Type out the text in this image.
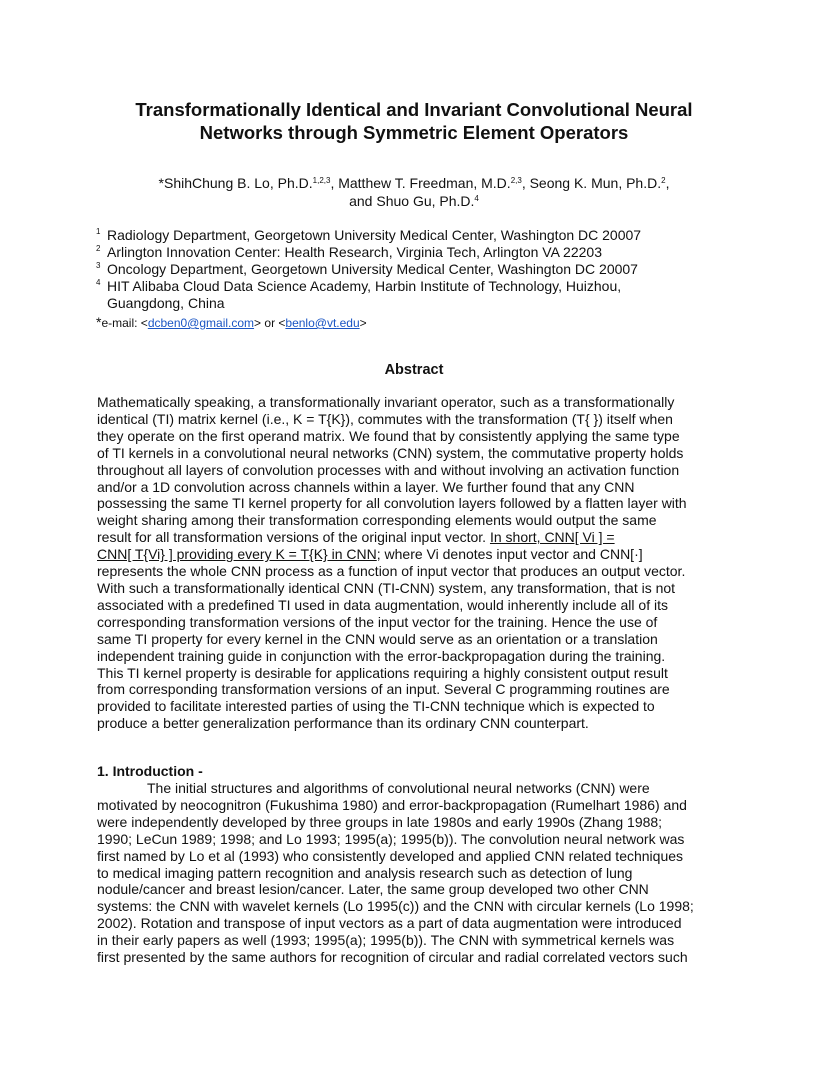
Transformationally Identical and Invariant Convolutional Neural
Networks through Symmetric Element Operators
*ShihChung B. Lo, Ph.D.$^{1,2,3}$, Matthew T. Freedman, M.D.$^{2,3}$, Seong K. Mun, Ph.D.$^2$,
and Shuo Gu, Ph.D.$^4$
1 Radiology Department, Georgetown University Medical Center, Washington DC 20007
2 Arlington Innovation Center: Health Research, Virginia Tech, Arlington VA 22203
3 Oncology Department, Georgetown University Medical Center, Washington DC 20007
4 HIT Alibaba Cloud Data Science Academy, Harbin Institute of Technology, Huizhou,
Guangdong, China
*e-mail: <dcben0@gmail.com> or <benlo@vt.edu>
Abstract
Mathematically speaking, a transformationally invariant operator, such as a transformationally
identical (TI) matrix kernel (i.e., K = T{K}), commutes with the transformation (T{ }) itself when
they operate on the first operand matrix. We found that by consistently applying the same type
of TI kernels in a convolutional neural networks (CNN) system, the commutative property holds
throughout all layers of convolution processes with and without involving an activation function
and/or a 1D convolution across channels within a layer. We further found that any CNN
possessing the same TI kernel property for all convolution layers followed by a flatten layer with
weight sharing among their transformation corresponding elements would output the same
result for all transformation versions of the original input vector. In short, CNN[ Vi ] =
CNN[ T{Vi} ] providing every K = T{K} in CNN; where Vi denotes input vector and CNN[·]
represents the whole CNN process as a function of input vector that produces an output vector.
With such a transformationally identical CNN (TI-CNN) system, any transformation, that is not
associated with a predefined TI used in data augmentation, would inherently include all of its
corresponding transformation versions of the input vector for the training. Hence the use of
same TI property for every kernel in the CNN would serve as an orientation or a translation
independent training guide in conjunction with the error-backpropagation during the training.
This TI kernel property is desirable for applications requiring a highly consistent output result
from corresponding transformation versions of an input. Several C programming routines are
provided to facilitate interested parties of using the TI-CNN technique which is expected to
produce a better generalization performance than its ordinary CNN counterpart.
1. Introduction -
The initial structures and algorithms of convolutional neural networks (CNN) were
motivated by neocognitron (Fukushima 1980) and error-backpropagation (Rumelhart 1986) and
were independently developed by three groups in late 1980s and early 1990s (Zhang 1988;
1990; LeCun 1989; 1998; and Lo 1993; 1995(a); 1995(b)). The convolution neural network was
first named by Lo et al (1993) who consistently developed and applied CNN related techniques
to medical imaging pattern recognition and analysis research such as detection of lung
nodule/cancer and breast lesion/cancer. Later, the same group developed two other CNN
systems: the CNN with wavelet kernels (Lo 1995(c)) and the CNN with circular kernels (Lo 1998;
2002). Rotation and transpose of input vectors as a part of data augmentation were introduced
in their early papers as well (1993; 1995(a); 1995(b)). The CNN with symmetrical kernels was
first presented by the same authors for recognition of circular and radial correlated vectors such
